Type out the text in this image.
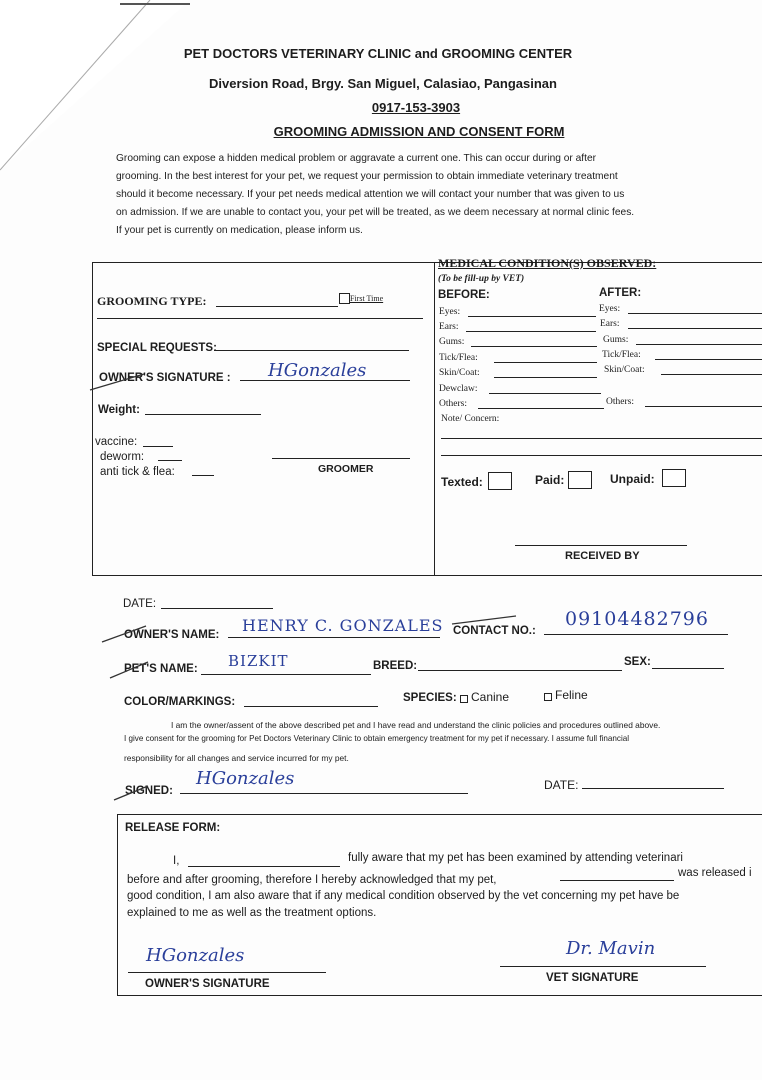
PET DOCTORS VETERINARY CLINIC and GROOMING CENTER
Diversion Road, Brgy. San Miguel, Calasiao, Pangasinan
0917-153-3903
GROOMING ADMISSION AND CONSENT FORM
Grooming can expose a hidden medical problem or aggravate a current one. This can occur during or after
grooming. In the best interest for your pet, we request your permission to obtain immediate veterinary treatment
should it become necessary. If your pet needs medical attention we will contact your number that was given to us
on admission. If we are unable to contact you, your pet will be treated, as we deem necessary at normal clinic fees.
If your pet is currently on medication, please inform us.
GROOMING TYPE:	First Time
SPECIAL REQUESTS:
OWNER'S SIGNATURE : HGonzales
Weight:
vaccine:
deworm:
anti tick & flea:	GROOMER
MEDICAL CONDITION(S) OBSERVED:
(To be fill-up by VET)
BEFORE:	AFTER:
Eyes:
Ears:
Gums:
Tick/Flea:
Skin/Coat:
Dewclaw:
Others:
Eyes:
Ears:
Gums:
Tick/Flea:
Skin/Coat:
Others:
Note/ Concern:
Texted:	Paid:	Unpaid:
RECEIVED BY
DATE:
OWNER'S NAME: HENRY C. GONZALES CONTACT NO.:
09104482796
PET'S NAME: BIZKIT	BREED:	SEX:
COLOR/MARKINGS:	SPECIES: Canine	Feline
I am the owner/assent of the above described pet and I have read and understand the clinic policies and procedures outlined above.
I give consent for the grooming for Pet Doctors Veterinary Clinic to obtain emergency treatment for my pet if necessary. I assume full financial
responsibility for all changes and service incurred for my pet.
SIGNED:
HGonzales	DATE:
RELEASE FORM:
I,	fully aware that my pet has been examined by attending veterinari
before and after grooming, therefore I hereby acknowledged that my pet,
was released i
good condition, I am also aware that if any medical condition observed by the vet concerning my pet have be
explained to me as well as the treatment options.
HGonzales
OWNER'S SIGNATURE
Dr. Mavin
VET SIGNATURE
